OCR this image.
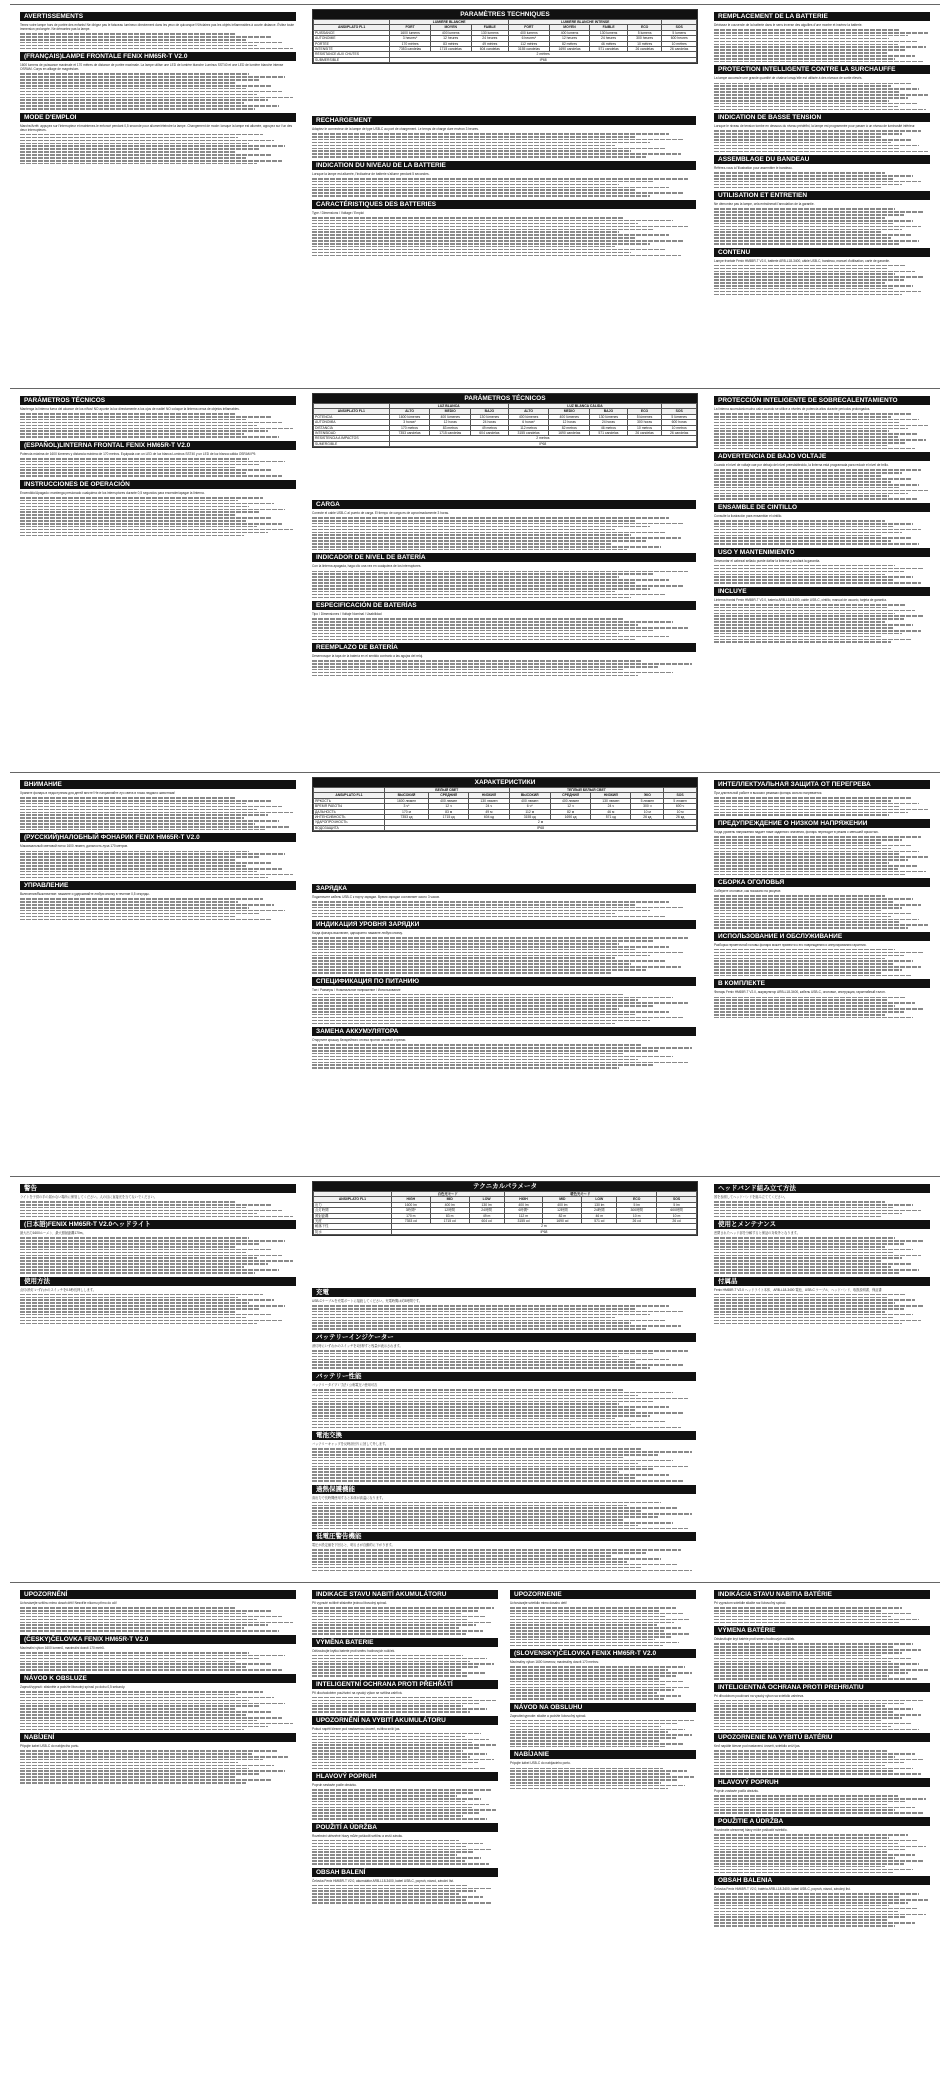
AVERTISSEMENTS
Tenez votre lampe hors de portée des enfants! Ne dirigez pas le faisceau lumineux directement dans les yeux de quiconque! N'éclairez pas les objets inflammables à courte distance. Évitez toute immersion prolongée. Ne démontez pas la lampe.
(FRANÇAIS)LAMPE FRONTALE FENIX HM65R-T V2.0
1600 lumens de puissance maximale et 170 mètres de distance de portée maximale. La lampe utilise une LED de lumière blanche Luminus SST40 et une LED de lumière blanche intense OSRAM. Corps en alliage de magnésium.
MODE D'EMPLOI
Marche/Arrêt: appuyez sur l'interrupteur et maintenez-le enfoncé pendant 0,5 seconde pour allumer/éteindre la lampe. Changement de mode: lorsque la lampe est allumée, appuyez sur l'un des deux interrupteurs.
RECHARGEMENT
Adaptez le connecteur de la lampe de type USB-C au port de chargement. Le temps de charge dure environ 3 heures.
INDICATION DU NIVEAU DE LA BATTERIE
Lorsque la lampe est allumée, l'indicateur de batterie s'allume pendant 5 secondes.
CARACTÉRISTIQUES DES BATTERIES
Type / Dimensions / Voltage / Emploi
REMPLACEMENT DE LA BATTERIE
Dévissez le couvercle de la batterie dans le sens inverse des aiguilles d'une montre et insérez la batterie.
PROTECTION INTELLIGENTE CONTRE LA SURCHAUFFE
La lampe accumule une grande quantité de chaleur lorsqu'elle est utilisée à des niveaux de sortie élevés.
INDICATION DE BASSE TENSION
Lorsque le niveau de tension tombe en dessous du niveau prédéfini, la lampe est programmée pour passer à un niveau de luminosité inférieur.
ASSEMBLAGE DU BANDEAU
Référez-vous à l'illustration pour assembler le bandeau.
UTILISATION ET ENTRETIEN
Ne démontez pas la lampe, cela entraînerait l'annulation de la garantie.
CONTENU
Lampe frontale Fenix HM65R-T V2.0, batterie ARB-L18-3400, câble USB-C, bandeau, manuel d'utilisation, carte de garantie.
PARAMÈTRES TECHNIQUES
	LUMIÈRE BLANCHE			LUMIÈRE BLANCHE INTENSE				
ANSI/PLATO FL1	FORT	MOYEN	FAIBLE	FORT	MOYEN	FAIBLE	ECO	SOS
PUISSANCE	1600 lumens	400 lumens	130 lumens	400 lumens	400 lumens	130 lumens	5 lumens	5 lumens
AUTONOMIE	3 heures*	12 heures	24 heures	6 heures*	12 heures	24 heures	300 heures	600 heures
PORTÉE	170 mètres	83 mètres	49 mètres	112 mètres	82 mètres	46 mètres	10 mètres	10 mètres
INTENSITÉ	7353 candelas	1715 candelas	604 candelas	3155 candelas	1690 candelas	571 candelas	26 candelas	26 candelas
RÉSISTANCE AUX CHUTES	2 mètres							
SUBMERSIBLE	IP68							
PARÁMETROS TÉCNICOS
Mantenga la linterna fuera del alcance de los niños! NO apunte la luz directamente a los ojos de nadie! NO coloque la linterna cerca de objetos inflamables.
(ESPAÑOL)LINTERNA FRONTAL FENIX HM65R-T V2.0
Potencia máxima de 1600 lúmenes y distancia máxima de 170 metros. Equipada con un LED de luz blanca Luminus SST40 y un LED de luz blanca cálida OSRAM P9.
INSTRUCCIONES DE OPERACIÓN
Encendido/Apagado: mantenga presionado cualquiera de los interruptores durante 0,5 segundos para encender/apagar la linterna.
CARGA
Conecte el cable USB-C al puerto de carga. El tiempo de carga es de aproximadamente 3 horas.
INDICADOR DE NIVEL DE BATERÍA
Con la linterna apagada, haga clic una vez en cualquiera de los interruptores.
ESPECIFICACIÓN DE BATERÍAS
Tipo / Dimensiones / Voltaje Nominal / Usabilidad
REEMPLAZO DE BATERÍA
Desenrosque la tapa de la batería en el sentido contrario a las agujas del reloj.
PROTECCIÓN INTELIGENTE DE SOBRECALENTAMIENTO
La linterna acumulará mucho calor cuando se utilice a niveles de potencia altos durante períodos prolongados.
ADVERTENCIA DE BAJO VOLTAJE
Cuando el nivel de voltaje cae por debajo del nivel preestablecido, la linterna está programada para reducir el nivel de brillo.
ENSAMBLE DE CINTILLO
Consulte la ilustración para ensamblar el cintillo.
USO Y MANTENIMIENTO
Desmontar el cabezal sellado puede dañar la linterna y anulará la garantía.
INCLUYE
Linterna frontal Fenix HM65R-T V2.0, batería ARB-L18-3400, cable USB-C, cintillo, manual de usuario, tarjeta de garantía.
PARÁMETROS TÉCNICOS
	LUZ BLANCA			LUZ BLANCA CÁLIDA				
ANSI/PLATO FL1	ALTO	MEDIO	BAJO	ALTO	MEDIO	BAJO	ECO	SOS
POTENCIA	1600 lúmenes	400 lúmenes	130 lúmenes	400 lúmenes	400 lúmenes	130 lúmenes	5 lúmenes	5 lúmenes
AUTONOMÍA	3 horas*	12 horas	24 horas	6 horas*	12 horas	24 horas	300 horas	600 horas
DISTANCIA	170 metros	83 metros	49 metros	112 metros	82 metros	46 metros	10 metros	10 metros
INTENSIDAD	7353 candelas	1715 candelas	604 candelas	3155 candelas	1690 candelas	571 candelas	26 candelas	26 candelas
RESISTENCIA A IMPACTOS	2 metros							
SUMERGIBLE	IP68							
ВНИМАНИЕ
Храните фонарь в недоступном для детей месте! Не направляйте луч света в глаза людям и животным!
(РУССКИЙ)НАЛОБНЫЙ ФОНАРИК FENIX HM65R-T V2.0
Максимальный световой поток 1600 люмен, дальность луча 170 метров.
УПРАВЛЕНИЕ
Включение/Выключение: нажмите и удерживайте любую кнопку в течение 0,5 секунды.
ЗАРЯДКА
Подключите кабель USB-C к порту зарядки. Время зарядки составляет около 3 часов.
ИНДИКАЦИЯ УРОВНЯ ЗАРЯДКИ
Когда фонарь выключен, однократно нажмите любую кнопку.
СПЕЦИФИКАЦИЯ ПО ПИТАНИЮ
Тип / Размеры / Номинальное напряжение / Использование
ЗАМЕНА АККУМУЛЯТОРА
Открутите крышку батарейного отсека против часовой стрелки.
ИНТЕЛЛЕКТУАЛЬНАЯ ЗАЩИТА ОТ ПЕРЕГРЕВА
При длительной работе в высоких режимах фонарь сильно нагревается.
ПРЕДУПРЕЖДЕНИЕ О НИЗКОМ НАПРЯЖЕНИИ
Когда уровень напряжения падает ниже заданного значения, фонарь переходит в режим с меньшей яркостью.
СБОРКА ОГОЛОВЬЯ
Соберите оголовье, как показано на рисунке.
ИСПОЛЬЗОВАНИЕ И ОБСЛУЖИВАНИЕ
Разборка герметичной головы фонаря может привести к его повреждению и аннулированию гарантии.
В КОМПЛЕКТЕ
Фонарь Fenix HM65R-T V2.0, аккумулятор ARB-L18-3400, кабель USB-C, оголовье, инструкция, гарантийный талон.
ХАРАКТЕРИСТИКИ
	БЕЛЫЙ СВЕТ			ТЕПЛЫЙ БЕЛЫЙ СВЕТ				
ANSI/PLATO FL1	ВЫСОКИЙ	СРЕДНИЙ	НИЗКИЙ	ВЫСОКИЙ	СРЕДНИЙ	НИЗКИЙ	ЭКО	SOS
ЯРКОСТЬ	1600 люмен	400 люмен	130 люмен	400 люмен	400 люмен	130 люмен	5 люмен	5 люмен
ВРЕМЯ РАБОТЫ	3 ч*	12 ч	24 ч	6 ч*	12 ч	24 ч	300 ч	600 ч
ДАЛЬНОСТЬ	170 м	83 м	49 м	112 м	82 м	46 м	10 м	10 м
ИНТЕНСИВНОСТЬ	7353 кд	1715 кд	604 кд	3155 кд	1690 кд	571 кд	26 кд	26 кд
УДАРОПРОЧНОСТЬ	2 м							
ВОДОЗАЩИТА	IP68							
警告
ライトを子供の手の届かない場所に保管してください。人の目に直接光を当てないでください。
(日本語)FENIX HM65R-T V2.0ヘッドライト
最大出力1600ルーメン、最大照射距離170m。
使用方法
点灯/消灯:いずれかのスイッチを0.5秒長押しします。	充電
USB-Cケーブルを充電ポートに接続してください。充電時間は約3時間です。
バッテリーインジケーター
消灯時にいずれかのスイッチを1回押すと残量が表示されます。
バッテリー性能
バッテリータイプ / 寸法 / 公称電圧 / 使用可否
電池交換
バッテリーキャップを反時計回りに回して外します。
過熱保護機能
高出力で長時間使用すると本体が高温になります。
低電圧警告機能
電圧が設定値を下回ると、明るさが自動的に下がります。
ヘッドバンド組み立て方法
図を参照してヘッドバンドを組み立ててください。
使用とメンテナンス
密閉されたヘッド部を分解すると保証の対象外となります。
付属品
Fenix HM65R-T V2.0 ヘッドライト本体、ARB-L18-3400 電池、USB-C ケーブル、ヘッドバンド、取扱説明書、保証書
テクニカルパラメータ
	白色光モード			暖色光モード				
ANSI/PLATO FL1	HIGH	MID	LOW	HIGH	MID	LOW	ECO	SOS
出力	1600 lm	400 lm	130 lm	400 lm	400 lm	130 lm	5 lm	5 lm
点灯時間	3時間*	12時間	24時間	6時間*	12時間	24時間	300時間	600時間
照射距離	170 m	83 m	49 m	112 m	82 m	46 m	10 m	10 m
光度	7353 cd	1715 cd	604 cd	3155 cd	1690 cd	571 cd	26 cd	26 cd
耐落下性	2 m							
防水	IP68							
UPOZORNĚNÍ
Uchovávejte svítilnu mimo dosah dětí! Nesviťte nikomu přímo do očí!
(ČESKY)ČELOVKA FENIX HM65R-T V2.0
Maximální výkon 1600 lumenů, maximální dosvit 170 metrů.
NÁVOD K OBSLUZE
Zapnutí/vypnutí: stiskněte a podržte libovolný spínač po dobu 0,5 sekundy.
NABÍJENÍ
Připojte kabel USB-C do nabíjecího portu.
INDIKACE STAVU NABITÍ AKUMULÁTORU
Při vypnuté svítilně stiskněte jednou libovolný spínač.
VÝMĚNA BATERIE
Odšroubujte krytku baterie proti směru hodinových ručiček.
INTELIGENTNÍ OCHRANA PROTI PŘEHŘÁTÍ
Při dlouhodobém používání na vysoký výkon se svítilna zahřívá.
UPOZORNĚNÍ NA VYBITÍ AKUMULÁTORU
Pokud napětí klesne pod nastavenou úroveň, svítilna sníží jas.
HLAVOVÝ POPRUH
Popruh sestavte podle obrázku.
POUŽITÍ A ÚDRŽBA
Rozebrání utěsněné hlavy může poškodit svítilnu a zruší záruku.
OBSAH BALENÍ
Čelovka Fenix HM65R-T V2.0, akumulátor ARB-L18-3400, kabel USB-C, popruh, návod, záruční list.
INDIKÁCIA STAVU NABITIA BATÉRIE
Pri vypnutom svietidle stlačte raz ľubovoľný spínač.
VÝMENA BATÉRIE
Odskrutkujte kryt batérie proti smeru hodinových ručičiek.
INTELIGENTNÁ OCHRANA PROTI PREHRIATIU
Pri dlhodobom používaní na vysoký výkon sa svietidlo zahrieva.
UPOZORNENIE NA VYBITÚ BATÉRIU
Keď napätie klesne pod nastavenú úroveň, svietidlo zníži jas.
HLAVOVÝ POPRUH
Popruh zostavte podľa obrázku.
POUŽITIE A ÚDRŽBA
Rozobratie utesnenej hlavy môže poškodiť svietidlo.
OBSAH BALENIA
Čelovka Fenix HM65R-T V2.0, batéria ARB-L18-3400, kábel USB-C, popruh, návod, záručný list.
UPOZORNENIE
Uchovávajte svietidlo mimo dosahu detí!
(SLOVENSKY)ČELOVKA FENIX HM65R-T V2.0
Maximálny výkon 1600 lúmenov, maximálny dosvit 170 metrov.
NÁVOD NA OBSLUHU
Zapnutie/vypnutie: stlačte a podržte ľubovoľný spínač.
NABÍJANIE
Pripojte kábel USB-C do nabíjacieho portu.
